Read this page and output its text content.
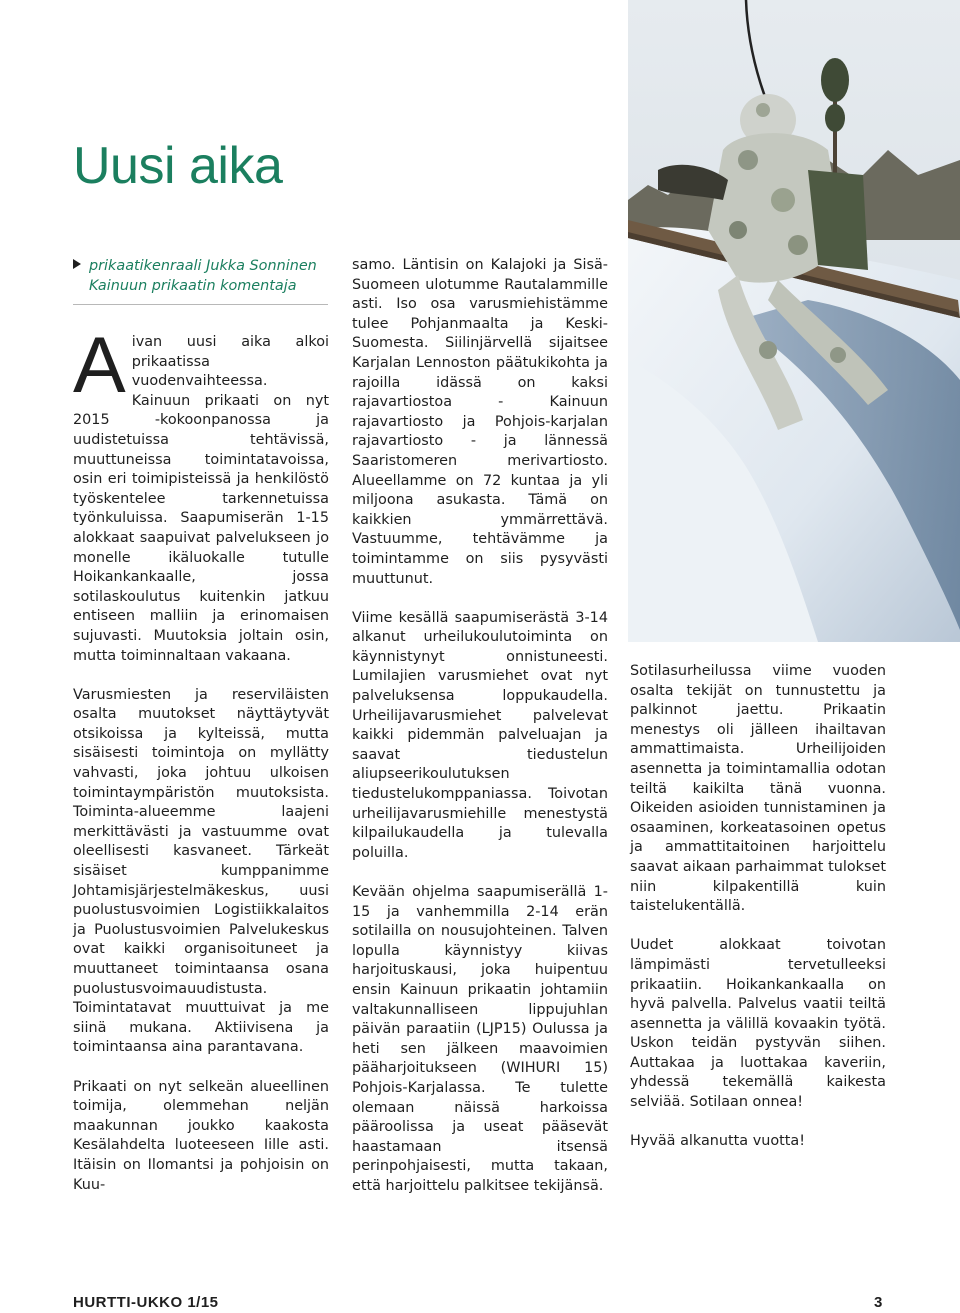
Uusi aika
prikaatikenraali Jukka Sonninen
Kainuun prikaatin komentaja

Aivan uusi aika alkoi prikaatissa vuodenvaihteessa. Kainuun prikaati on nyt 2015 -kokoonpanossa ja uudistetuissa tehtävissä, muuttuneissa toimintatavoissa, osin eri toimipisteissä ja henkilöstö työskentelee tarkennetuissa työnkuluissa. Saapumiserän 1-15 alokkaat saapuivat palvelukseen jo monelle ikäluokalle tutulle Hoikankankaalle, jossa sotilaskoulutus kuitenkin jatkuu entiseen malliin ja erinomaisen sujuvasti. Muutoksia joltain osin, mutta toiminnaltaan vakaana.

Varusmiesten ja reserviläisten osalta muutokset näyttäytyvät otsikoissa ja kylteissä, mutta sisäisesti toimintoja on myllätty vahvasti, joka johtuu ulkoisen toimintaympäristön muutoksista. Toiminta-alueemme laajeni merkittävästi ja vastuumme ovat oleellisesti kasvaneet. Tärkeät sisäiset kumppanimme Johtamisjärjestelmäkeskus, uusi puolustusvoimien Logistiikkalaitos ja Puolustusvoimien Palvelukeskus ovat kaikki organisoituneet ja muuttaneet toimintaansa osana puolustusvoimauudistusta. Toimintatavat muuttuivat ja me siinä mukana. Aktiivisena ja toimintaansa aina parantavana.

Prikaati on nyt selkeän alueellinen toimija, olemmehan neljän maakunnan joukko kaakosta Kesälahdelta luoteeseen Iille asti. Itäisin on Ilomantsi ja pohjoisin on Kuu-

samo. Läntisin on Kalajoki ja Sisä-Suomeen ulotumme Rautalammille asti. Iso osa varusmiehistämme tulee Pohjanmaalta ja Keski-Suomesta. Siilinjärvellä sijaitsee Karjalan Lennoston päätukikohta ja rajoilla idässä on kaksi rajavartiostoa - Kainuun rajavartiosto ja Pohjois-karjalan rajavartiosto - ja lännessä Saaristomeren merivartiosto. Alueellamme on 72 kuntaa ja yli miljoona asukasta. Tämä on kaikkien ymmärrettävä. Vastuumme, tehtävämme ja toimintamme on siis pysyvästi muuttunut.

Viime kesällä saapumiserästä 3-14 alkanut urheilukoulutoiminta on käynnistynyt onnistuneesti. Lumilajien varusmiehet ovat nyt palveluksensa loppukaudella. Urheilijavarusmiehet palvelevat kaikki pidemmän palveluajan ja saavat tiedustelun aliupseerikoulutuksen tiedustelukomppaniassa. Toivotan urheilijavarusmiehille menestystä kilpailukaudella ja tulevalla poluilla.

Kevään ohjelma saapumiserällä 1-15 ja vanhemmilla 2-14 erän sotilailla on nousujohteinen. Talven lopulla käynnistyy kiivas harjoituskausi, joka huipentuu ensin Kainuun prikaatin johtamiin valtakunnalliseen lippujuhlan päivän paraatiin (LJP15) Oulussa ja heti sen jälkeen maavoimien pääharjoitukseen (WIHURI 15) Pohjois-Karjalassa. Te tulette olemaan näissä harkoissa pääroolissa ja useat pääsevät haastamaan itsensä perinpohjaisesti, mutta takaan, että harjoittelu palkitsee tekijänsä.

Sotilasurheilussa viime vuoden osalta tekijät on tunnustettu ja palkinnot jaettu. Prikaatin menestys oli jälleen ihailtavan ammattimaista. Urheilijoiden asennetta ja toimintamallia odotan teiltä kaikilta tänä vuonna. Oikeiden asioiden tunnistaminen ja osaaminen, korkeatasoinen opetus ja ammattitaitoinen harjoittelu saavat aikaan parhaimmat tulokset niin kilpakentillä kuin taistelukentällä.

Uudet alokkaat toivotan lämpimästi tervetulleeksi prikaatiin. Hoikankankaalla on hyvä palvella. Palvelus vaatii teiltä asennetta ja välillä kovaakin työtä. Uskon teidän pystyvän siihen. Auttakaa ja luottakaa kaveriin, yhdessä tekemällä kaikesta selviää. Sotilaan onnea!

Hyvää alkanutta vuotta!

HURTTI-UKKO 1/15	3
